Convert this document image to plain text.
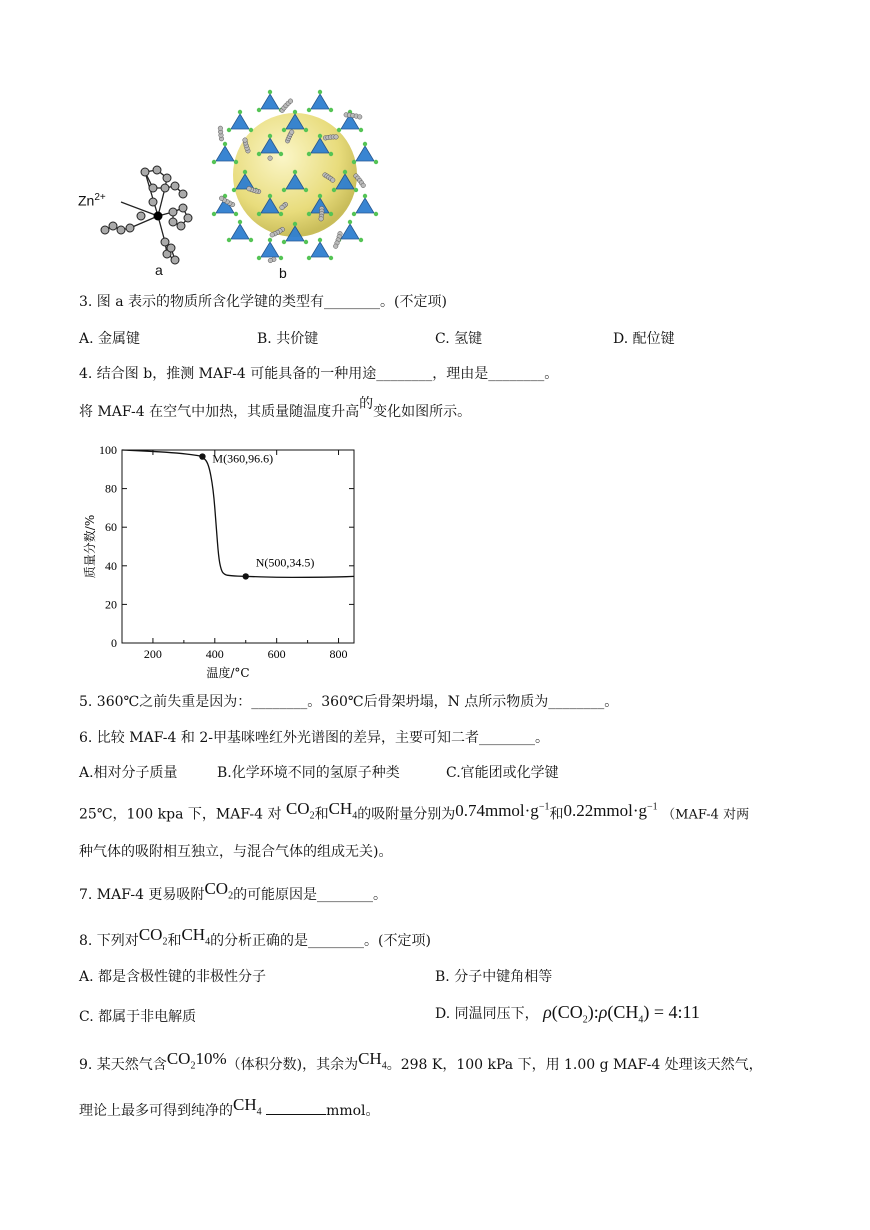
$Zn^{2+}$
a	b
3. 图 a 表示的物质所含化学键的类型有________。(不定项)
A. 金属键	B. 共价键	C. 氢键	D. 配位键
4. 结合图 b，推测 MAF-4 可能具备的一种用途________，理由是________。
将 MAF-4 在空气中加热，其质量随温度升高的变化如图所示。
0
20
40
60
80
100
200	400	600	800
温度/°C
质量分数/%
M(360,96.6)
N(500,34.5)
5. 360℃之前失重是因为：________。360℃后骨架坍塌，N 点所示物质为________。
6. 比较 MAF-4 和 2-甲基咪唑红外光谱图的差异，主要可知二者________。
A.相对分子质量	B.化学环境不同的氢原子种类	C.官能团或化学键
25℃，100 kpa 下，MAF-4 对 $CO_2$和$CH_4$的吸附量分别为$0.74mmol\cdot g^{-1}$和$0.22mmol\cdot g^{-1}$ （MAF-4 对两
种气体的吸附相互独立，与混合气体的组成无关)。
7. MAF-4 更易吸附$CO_2$的可能原因是________。
8. 下列对$CO_2$和$CH_4$的分析正确的是________。(不定项)
A. 都是含极性键的非极性分子	B. 分子中键角相等
C. 都属于非电解质	D. 同温同压下， $\rho(CO_2):\rho(CH_4)$ = 4:11
9. 某天然气含$CO_210\%$（体积分数)，其余为$CH_4$。298 K，100 kPa 下，用 1.00 g MAF-4 处理该天然气，
理论上最多可得到纯净的$CH_4$	mmol。
